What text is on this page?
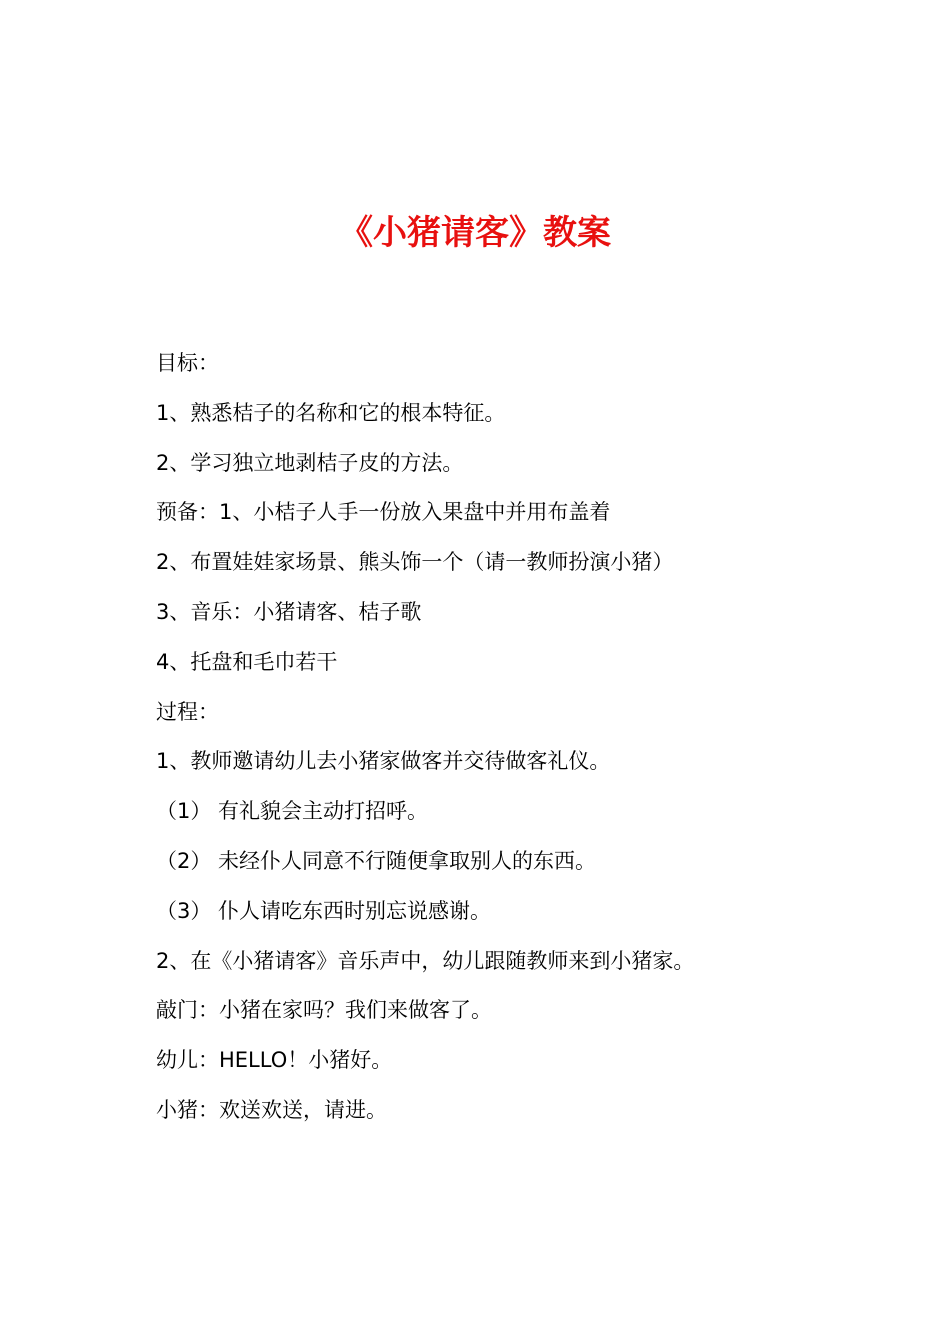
《小猪请客》教案
目标：
1、熟悉桔子的名称和它的根本特征。
2、学习独立地剥桔子皮的方法。
预备：1、小桔子人手一份放入果盘中并用布盖着
2、布置娃娃家场景、熊头饰一个（请一教师扮演小猪）
3、音乐：小猪请客、桔子歌
4、托盘和毛巾若干
过程：
1、教师邀请幼儿去小猪家做客并交待做客礼仪。
（1） 有礼貌会主动打招呼。
（2） 未经仆人同意不行随便拿取别人的东西。
（3） 仆人请吃东西时别忘说感谢。
2、在《小猪请客》音乐声中，幼儿跟随教师来到小猪家。
敲门：小猪在家吗？我们来做客了。
幼儿：HELLO！小猪好。
小猪：欢送欢送，请进。
